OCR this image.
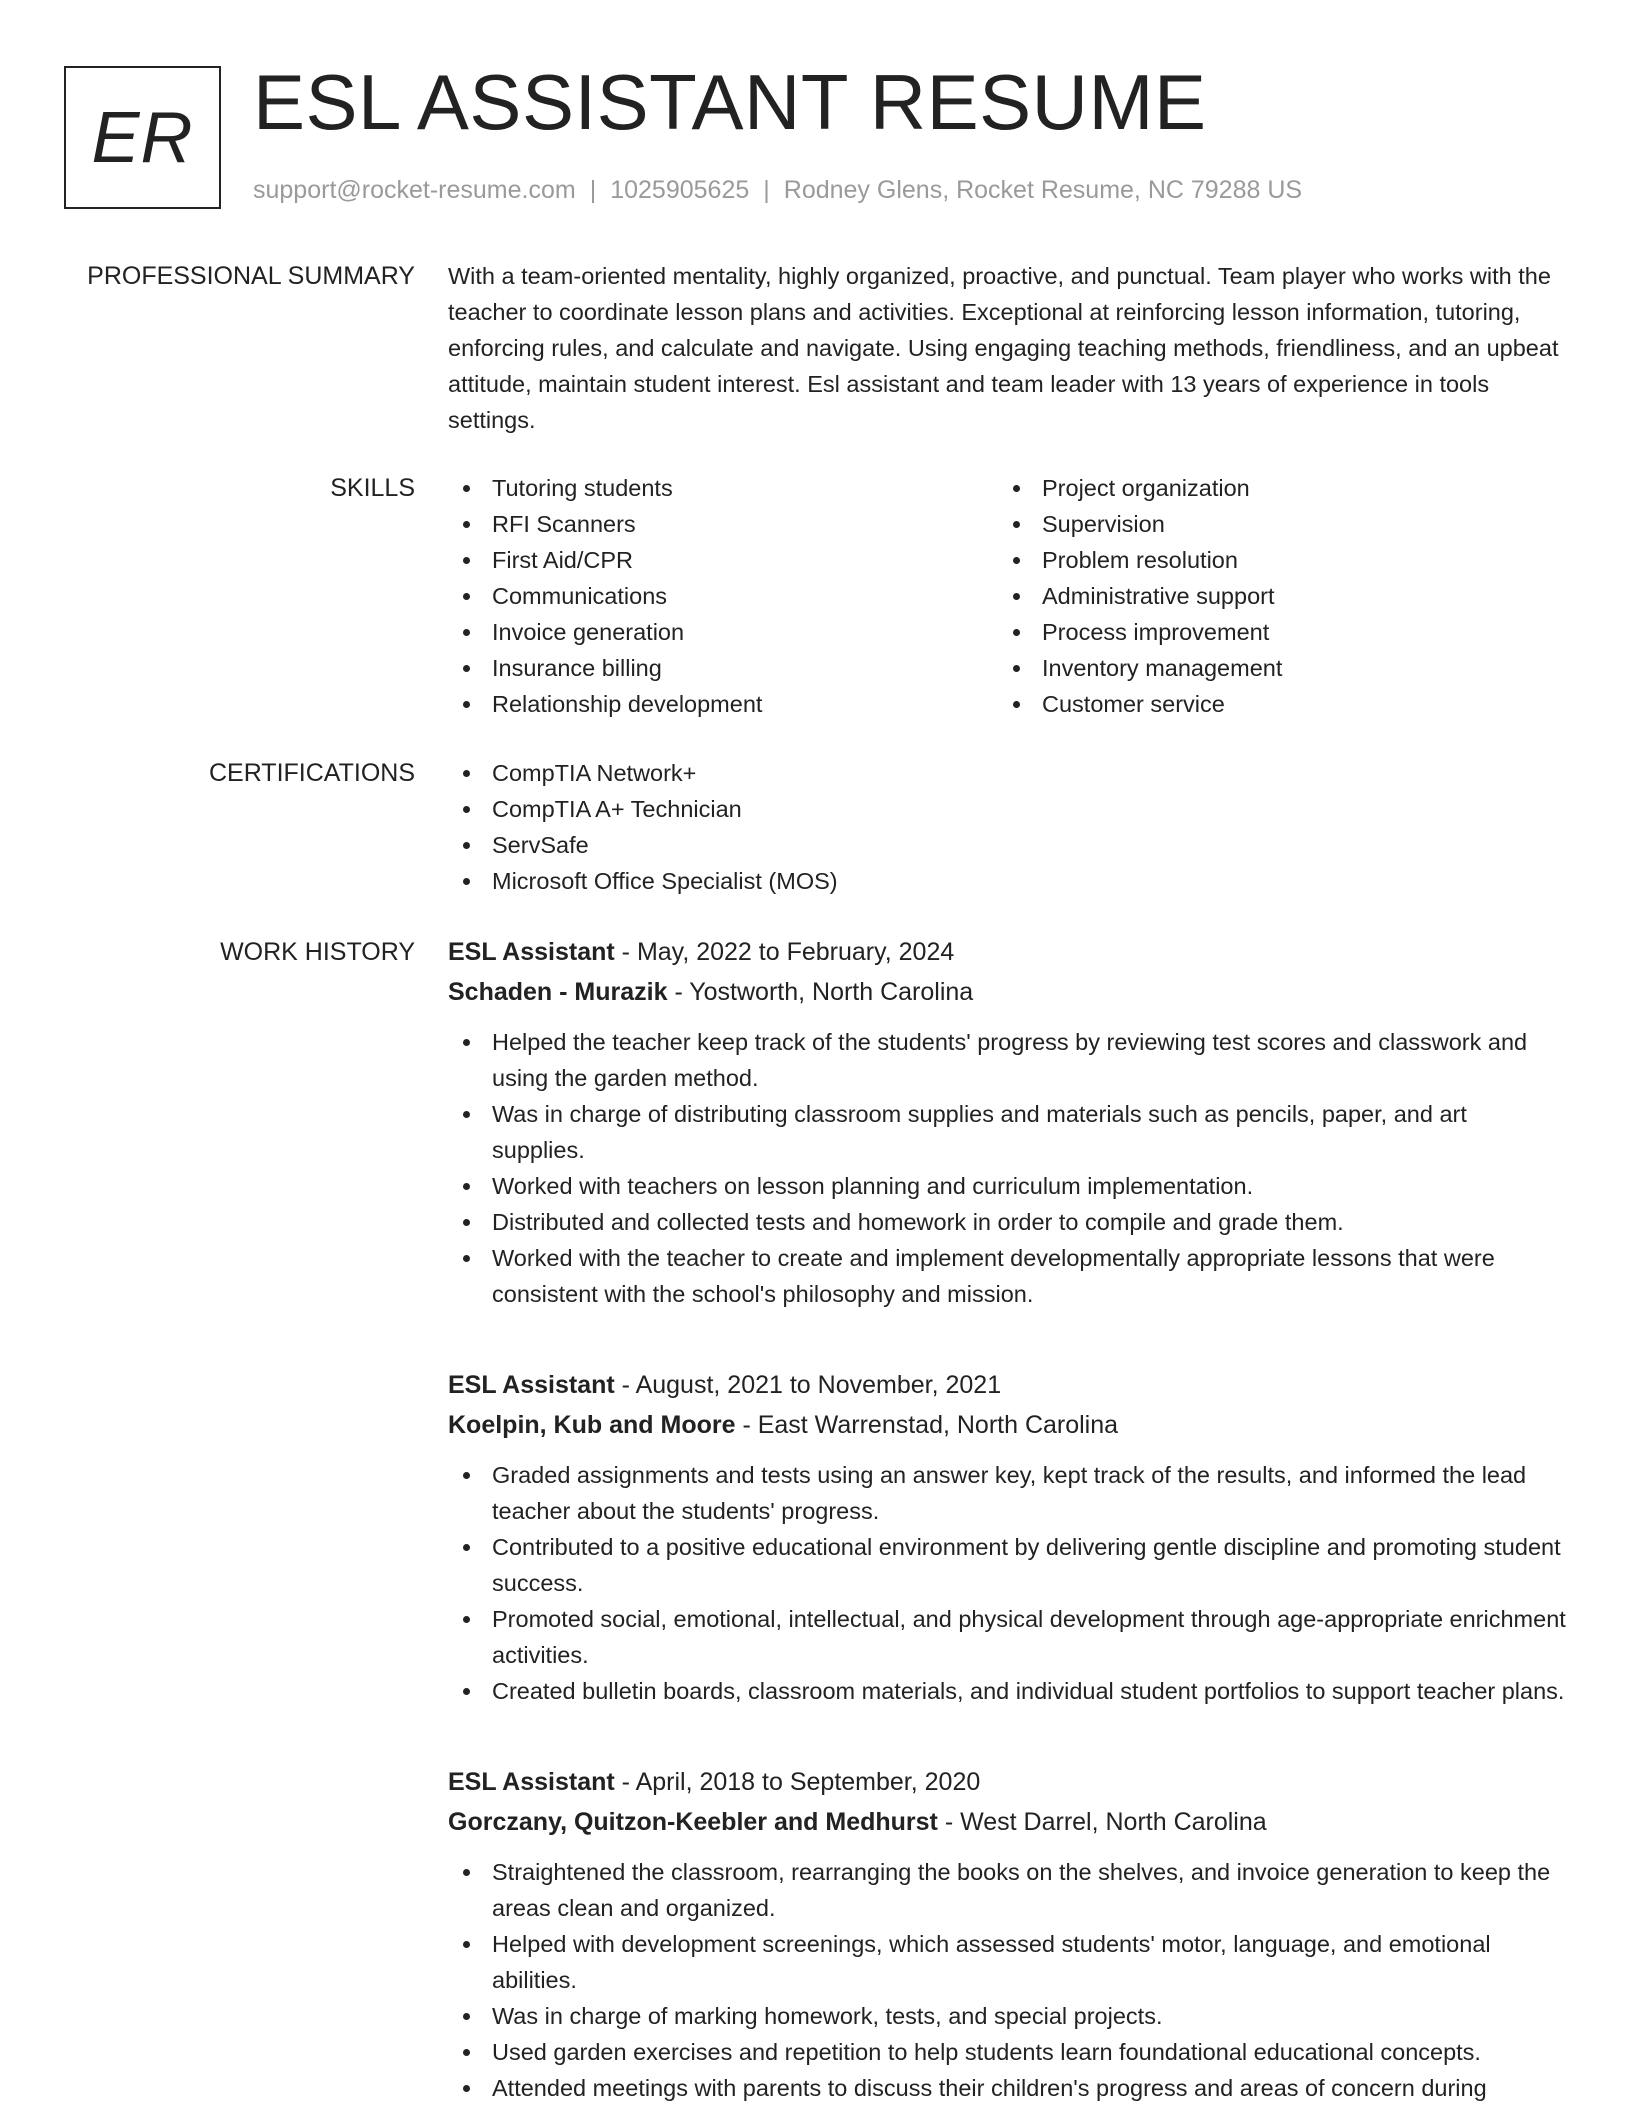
ER ESL ASSISTANT RESUME
support@rocket-resume.com | 1025905625 | Rodney Glens, Rocket Resume, NC 79288 US
PROFESSIONAL SUMMARY With a team-oriented mentality, highly organized, proactive, and punctual. Team player who works with the teacher to coordinate lesson plans and activities. Exceptional at reinforcing lesson information, tutoring, enforcing rules, and calculate and navigate. Using engaging teaching methods, friendliness, and an upbeat attitude, maintain student interest. Esl assistant and team leader with 13 years of experience in tools settings.
SKILLS	Tutoring students
RFI Scanners
First Aid/CPR
Communications
Invoice generation
Insurance billing
Relationship development
Project organization
Supervision
Problem resolution
Administrative support
Process improvement
Inventory management
Customer service
CERTIFICATIONS	CompTIA Network+
CompTIA A+ Technician
ServSafe
Microsoft Office Specialist (MOS)
WORK HISTORY ESL Assistant - May, 2022 to February, 2024
Schaden - Murazik - Yostworth, North Carolina
Helped the teacher keep track of the students' progress by reviewing test scores and classwork and using the garden method.
Was in charge of distributing classroom supplies and materials such as pencils, paper, and art supplies.
Worked with teachers on lesson planning and curriculum implementation.
Distributed and collected tests and homework in order to compile and grade them.
Worked with the teacher to create and implement developmentally appropriate lessons that were consistent with the school's philosophy and mission.
ESL Assistant - August, 2021 to November, 2021
Koelpin, Kub and Moore - East Warrenstad, North Carolina
Graded assignments and tests using an answer key, kept track of the results, and informed the lead teacher about the students' progress.
Contributed to a positive educational environment by delivering gentle discipline and promoting student success.
Promoted social, emotional, intellectual, and physical development through age-appropriate enrichment activities.
Created bulletin boards, classroom materials, and individual student portfolios to support teacher plans.
ESL Assistant - April, 2018 to September, 2020
Gorczany, Quitzon-Keebler and Medhurst - West Darrel, North Carolina
Straightened the classroom, rearranging the books on the shelves, and invoice generation to keep the areas clean and organized.
Helped with development screenings, which assessed students' motor, language, and emotional abilities.
Was in charge of marking homework, tests, and special projects.
Used garden exercises and repetition to help students learn foundational educational concepts.
Attended meetings with parents to discuss their children's progress and areas of concern during
